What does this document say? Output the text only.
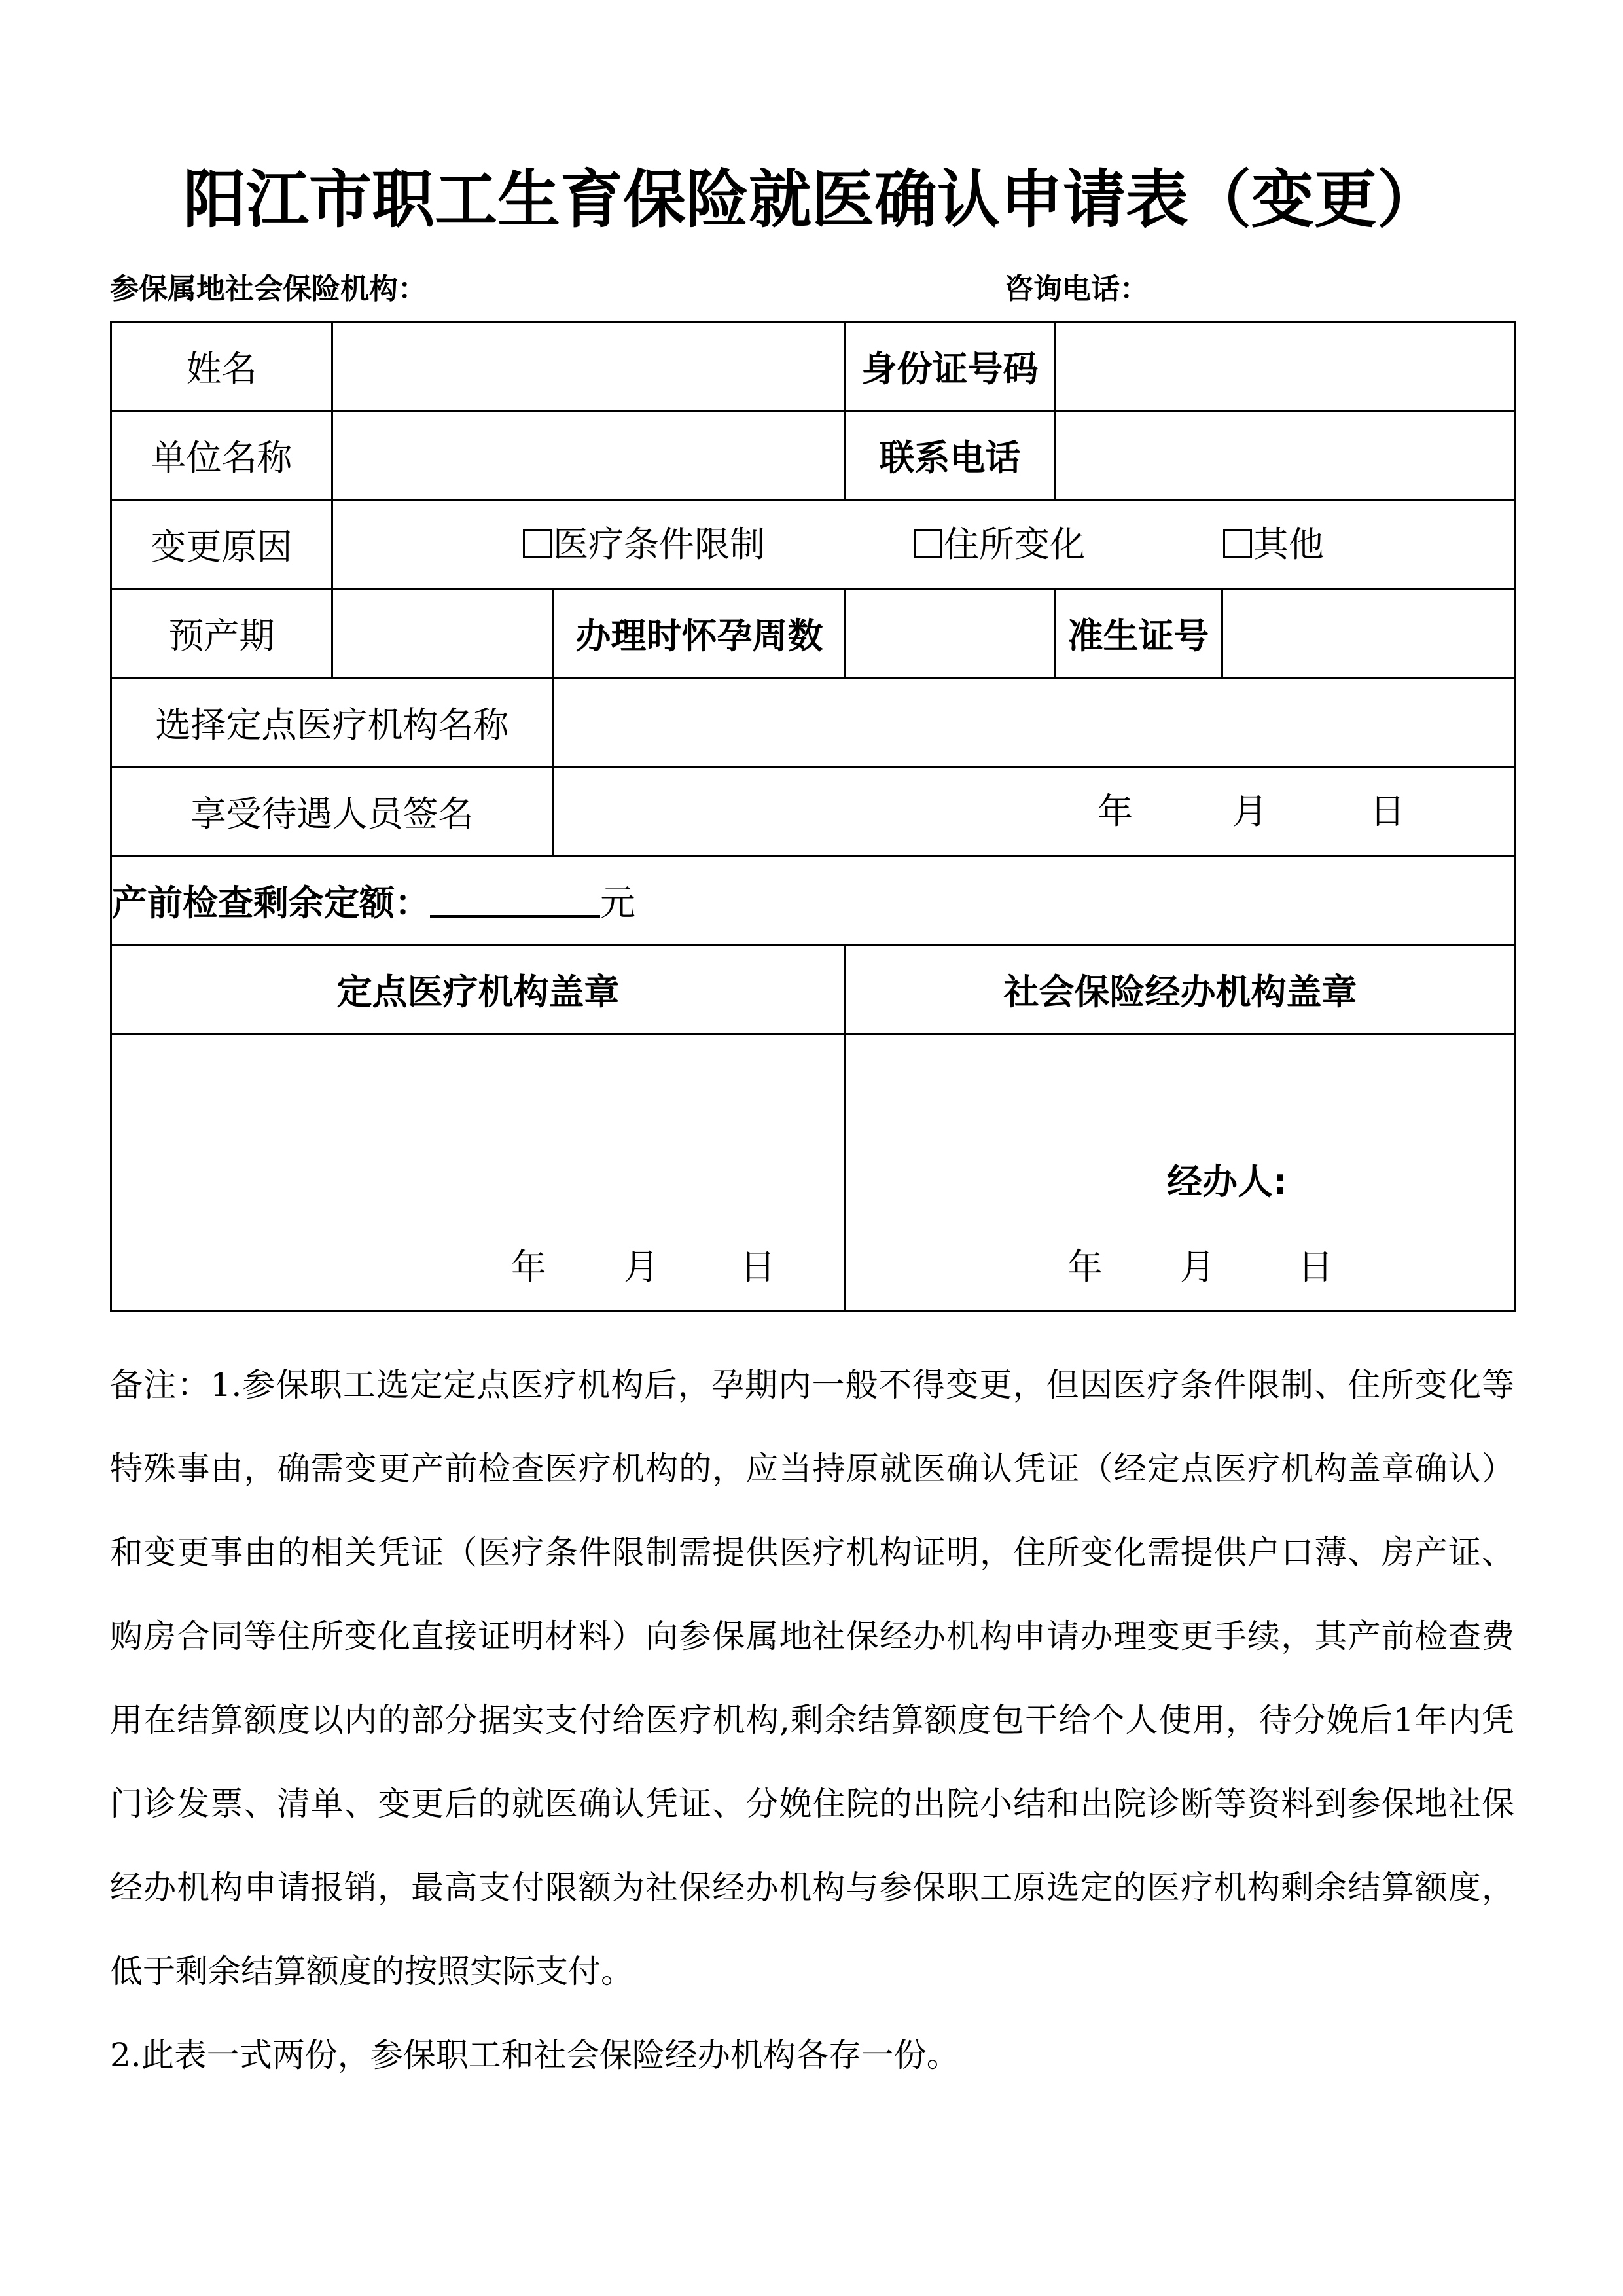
阳江市职工生育保险就医确认申请表（变更）
参保属地社会保险机构：	咨询电话：
姓名			身份证号码		
单位名称			联系电话		
变更原因	医疗条件限制 住所变化 其他				

预产期		办理时怀孕周数		准生证号	
选择定点医疗机构名称					
享受待遇人员签名		年 月 日			

产前检查剩余定额： 元					
定点医疗机构盖章			社会保险经办机构盖章		

年 月 日			经办人:
年 月 日		

备注：1.参保职工选定定点医疗机构后，孕期内一般不得变更，但因医疗条件限制、住所变化等特殊事由，确需变更产前检查医疗机构的，应当持原就医确认凭证（经定点医疗机构盖章确认）和变更事由的相关凭证（医疗条件限制需提供医疗机构证明，住所变化需提供户口薄、房产证、购房合同等住所变化直接证明材料）向参保属地社保经办机构申请办理变更手续，其产前检查费用在结算额度以内的部分据实支付给医疗机构,剩余结算额度包干给个人使用，待分娩后1年内凭门诊发票、清单、变更后的就医确认凭证、分娩住院的出院小结和出院诊断等资料到参保地社保经办机构申请报销，最高支付限额为社保经办机构与参保职工原选定的医疗机构剩余结算额度，低于剩余结算额度的按照实际支付。

2.此表一式两份，参保职工和社会保险经办机构各存一份。
